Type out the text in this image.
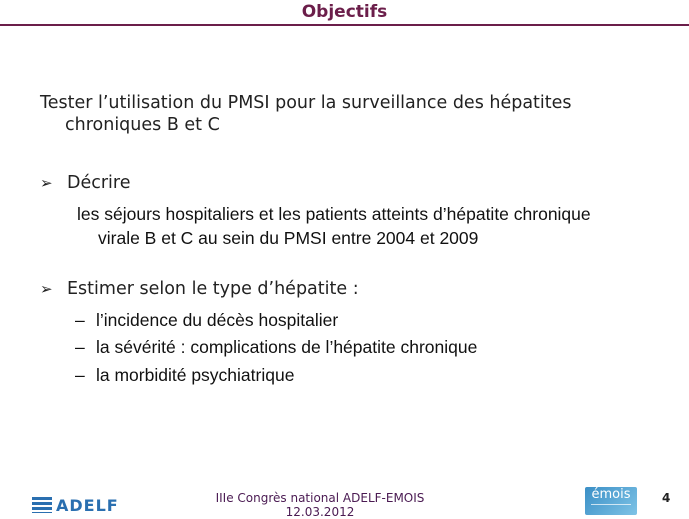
Objectifs
Tester l’utilisation du PMSI pour la surveillance des hépatites
chroniques B et C
➢ Décrire
les séjours hospitaliers et les patients atteints d’hépatite chronique
virale B et C au sein du PMSI entre 2004 et 2009
➢ Estimer selon le type d’hépatite :
– l’incidence du décès hospitalier
– la sévérité : complications de l’hépatite chronique
– la morbidité psychiatrique
ADELF	IIIe Congrès national ADELF-EMOIS
12.03.2012
émois	4
